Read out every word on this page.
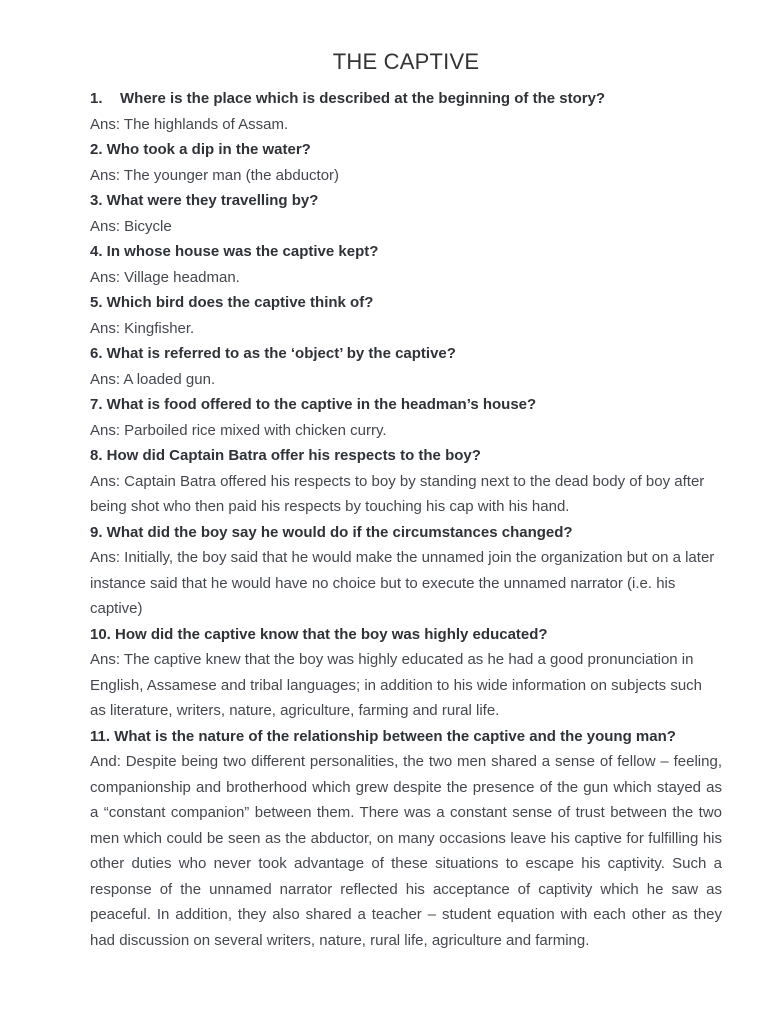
THE CAPTIVE

1. Where is the place which is described at the beginning of the story?

Ans: The highlands of Assam.

2. Who took a dip in the water?

Ans: The younger man (the abductor)

3. What were they travelling by?

Ans: Bicycle

4. In whose house was the captive kept?

Ans: Village headman.

5. Which bird does the captive think of?

Ans: Kingfisher.

6. What is referred to as the ‘object’ by the captive?

Ans: A loaded gun.

7. What is food offered to the captive in the headman’s house?

Ans: Parboiled rice mixed with chicken curry.

8. How did Captain Batra offer his respects to the boy?

Ans: Captain Batra offered his respects to boy by standing next to the dead body of boy after being shot who then paid his respects by touching his cap with his hand.

9. What did the boy say he would do if the circumstances changed?

Ans: Initially, the boy said that he would make the unnamed join the organization but on a later instance said that he would have no choice but to execute the unnamed narrator (i.e. his captive)

10. How did the captive know that the boy was highly educated?

Ans: The captive knew that the boy was highly educated as he had a good pronunciation in English, Assamese and tribal languages; in addition to his wide information on subjects such as literature, writers, nature, agriculture, farming and rural life.

11. What is the nature of the relationship between the captive and the young man?

And: Despite being two different personalities, the two men shared a sense of fellow – feeling, companionship and brotherhood which grew despite the presence of the gun which stayed as a “constant companion” between them. There was a constant sense of trust between the two men which could be seen as the abductor, on many occasions leave his captive for fulfilling his other duties who never took advantage of these situations to escape his captivity. Such a response of the unnamed narrator reflected his acceptance of captivity which he saw as peaceful. In addition, they also shared a teacher – student equation with each other as they had discussion on several writers, nature, rural life, agriculture and farming.
